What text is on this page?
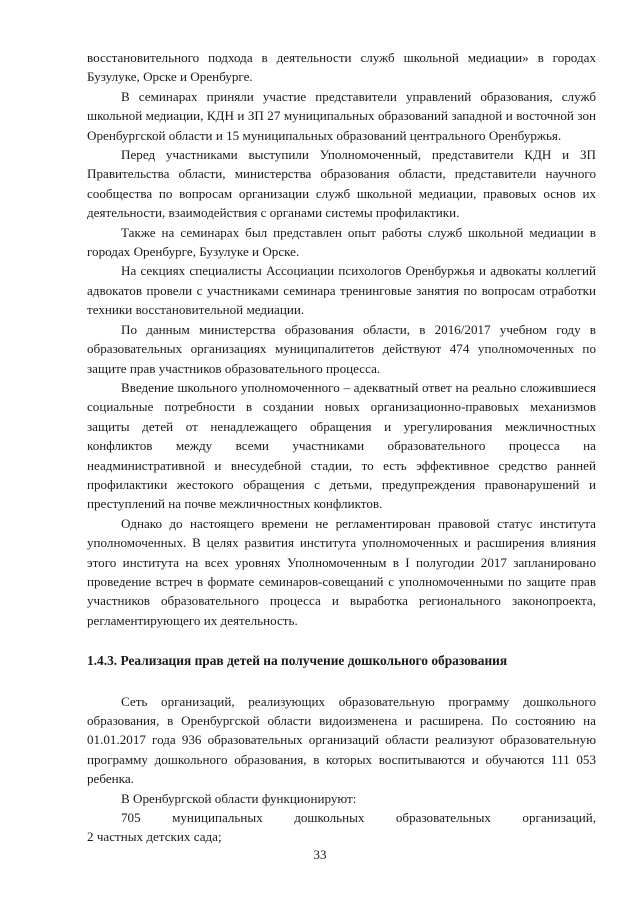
восстановительного подхода в деятельности служб школьной медиации» в городах Бузулуке, Орске и Оренбурге.

В семинарах приняли участие представители управлений образования, служб школьной медиации, КДН и ЗП 27 муниципальных образований западной и восточной зон Оренбургской области и 15 муниципальных образований центрального Оренбуржья.

Перед участниками выступили Уполномоченный, представители КДН и ЗП Правительства области, министерства образования области, представители научного сообщества по вопросам организации служб школьной медиации, правовых основ их деятельности, взаимодействия с органами системы профилактики.

Также на семинарах был представлен опыт работы служб школьной медиации в городах Оренбурге, Бузулуке и Орске.

На секциях специалисты Ассоциации психологов Оренбуржья и адвокаты коллегий адвокатов провели с участниками семинара тренинговые занятия по вопросам отработки техники восстановительной медиации.

По данным министерства образования области, в 2016/2017 учебном году в образовательных организациях муниципалитетов действуют 474 уполномоченных по защите прав участников образовательного процесса.

Введение школьного уполномоченного – адекватный ответ на реально сложившиеся социальные потребности в создании новых организационно-правовых механизмов защиты детей от ненадлежащего обращения и урегулирования межличностных конфликтов между всеми участниками образовательного процесса на неадминистративной и внесудебной стадии, то есть эффективное средство ранней профилактики жестокого обращения с детьми, предупреждения правонарушений и преступлений на почве межличностных конфликтов.

Однако до настоящего времени не регламентирован правовой статус института уполномоченных. В целях развития института уполномоченных и расширения влияния этого института на всех уровнях Уполномоченным в I полугодии 2017 запланировано проведение встреч в формате семинаров-совещаний с уполномоченными по защите прав участников образовательного процесса и выработка регионального законопроекта, регламентирующего их деятельность.

1.4.3. Реализация прав детей на получение дошкольного образования

Сеть организаций, реализующих образовательную программу дошкольного образования, в Оренбургской области видоизменена и расширена. По состоянию на 01.01.2017 года 936 образовательных организаций области реализуют образовательную программу дошкольного образования, в которых воспитываются и обучаются 111 053 ребенка.

В Оренбургской области функционируют:

705 муниципальных дошкольных образовательных организаций,

2 частных детских сада;

33
